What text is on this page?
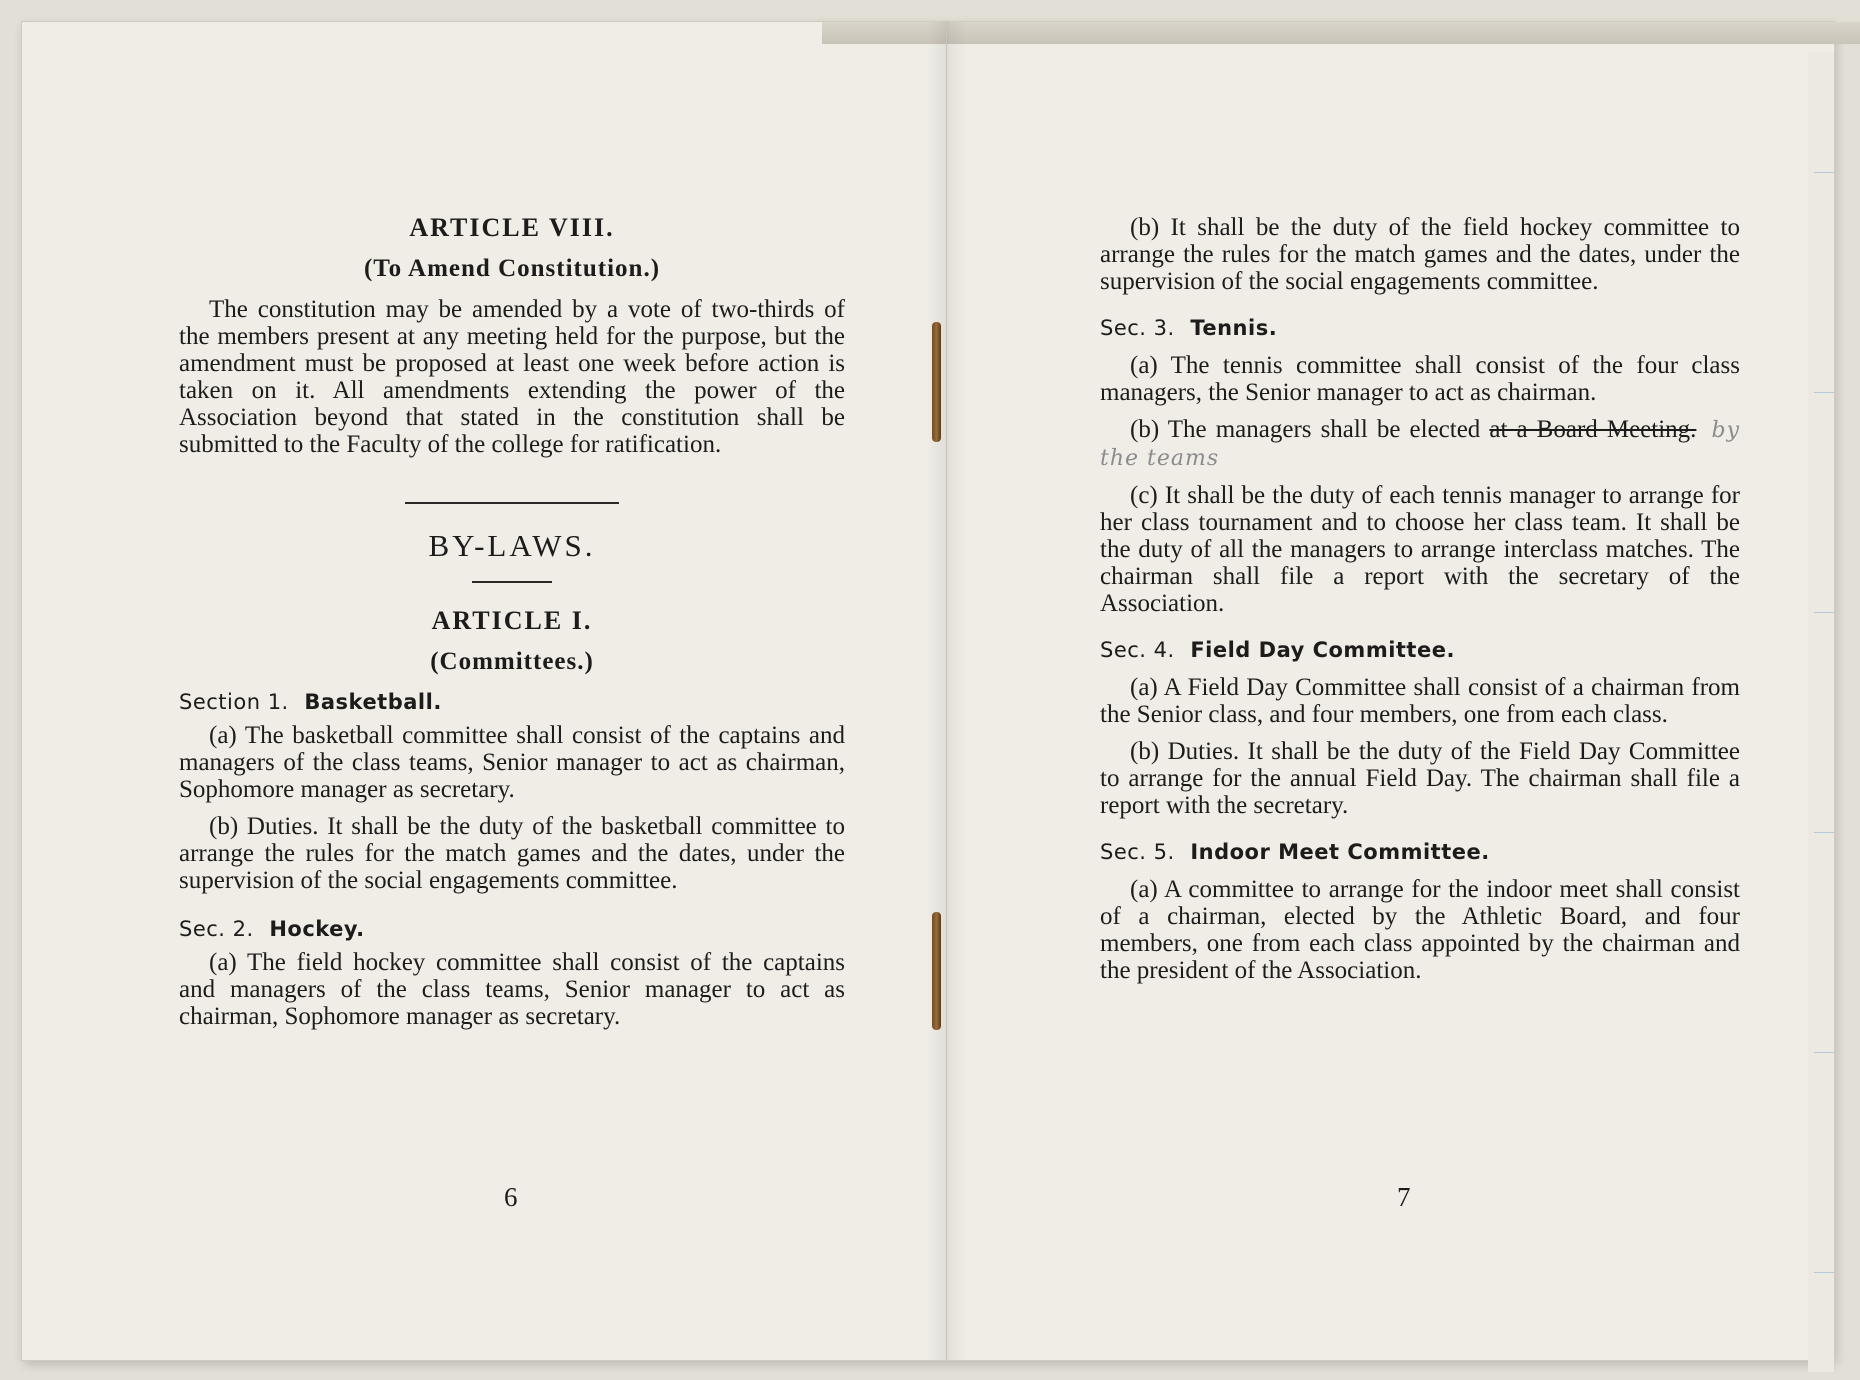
ARTICLE VIII.
(To Amend Constitution.)

The constitution may be amended by a vote of two-thirds of the members present at any meeting held for the purpose, but the amendment must be proposed at least one week before action is taken on it. All amendments extending the power of the Association beyond that stated in the constitution shall be submitted to the Faculty of the college for ratification.

BY-LAWS.
ARTICLE I.
(Committees.)
Section 1. Basketball.

(a) The basketball committee shall consist of the captains and managers of the class teams, Senior manager to act as chairman, Sophomore manager as secretary.

(b) Duties. It shall be the duty of the basketball committee to arrange the rules for the match games and the dates, under the supervision of the social engagements committee.

Sec. 2. Hockey.

(a) The field hockey committee shall consist of the captains and managers of the class teams, Senior manager to act as chairman, Sophomore manager as secretary.

6

(b) It shall be the duty of the field hockey committee to arrange the rules for the match games and the dates, under the supervision of the social engagements committee.

Sec. 3. Tennis.

(a) The tennis committee shall consist of the four class managers, the Senior manager to act as chairman.

(b) The managers shall be elected at a Board Meeting. by the teams

(c) It shall be the duty of each tennis manager to arrange for her class tournament and to choose her class team. It shall be the duty of all the managers to arrange interclass matches. The chairman shall file a report with the secretary of the Association.

Sec. 4. Field Day Committee.

(a) A Field Day Committee shall consist of a chairman from the Senior class, and four members, one from each class.

(b) Duties. It shall be the duty of the Field Day Committee to arrange for the annual Field Day. The chairman shall file a report with the secretary.

Sec. 5. Indoor Meet Committee.

(a) A committee to arrange for the indoor meet shall consist of a chairman, elected by the Athletic Board, and four members, one from each class appointed by the chairman and the president of the Association.

7
